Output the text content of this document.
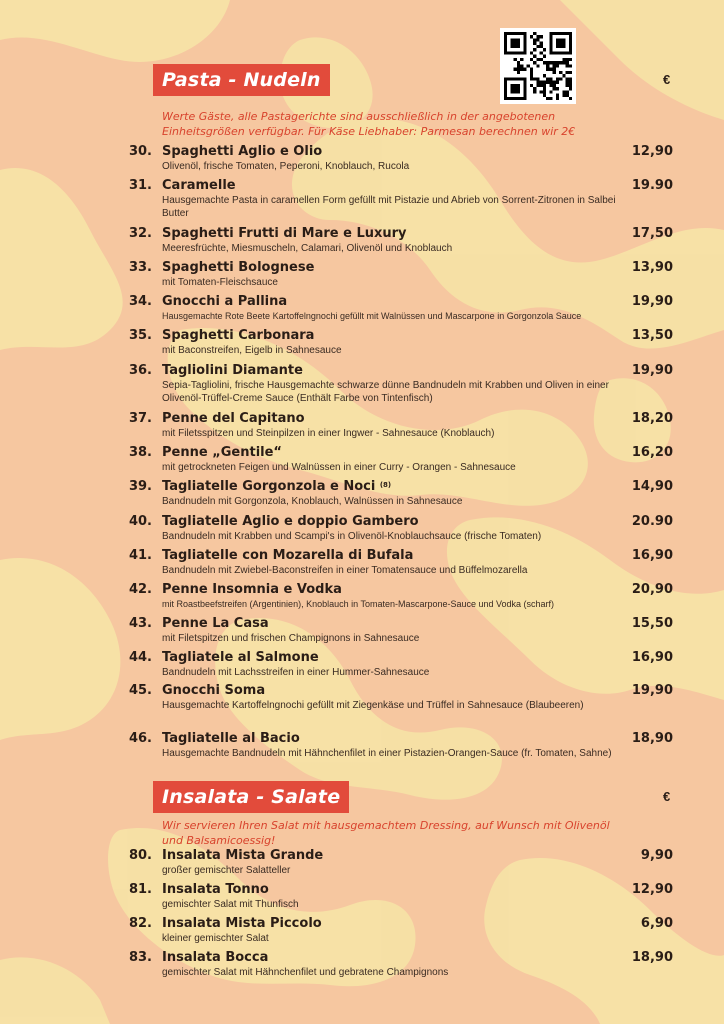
Pasta - Nudeln	€
Werte Gäste, alle Pastagerichte sind ausschließlich in der angebotenen Einheitsgrößen verfügbar. Für Käse Liebhaber: Parmesan berechnen wir 2€
30. Spaghetti Aglio e Olio
Olivenöl, frische Tomaten, Peperoni, Knoblauch, Rucola
12,90
31. Caramelle
Hausgemachte Pasta in caramellen Form gefüllt mit Pistazie und Abrieb von Sorrent-Zitronen in Salbei Butter
19.90
32. Spaghetti Frutti di Mare e Luxury
Meeresfrüchte, Miesmuscheln, Calamari, Olivenöl und Knoblauch
17,50
33. Spaghetti Bolognese
mit Tomaten-Fleischsauce
13,90
34. Gnocchi a Pallina
Hausgemachte Rote Beete Kartoffelngnochi gefüllt mit Walnüssen und Mascarpone in Gorgonzola Sauce
19,90
35. Spaghetti Carbonara
mit Baconstreifen, Eigelb in Sahnesauce
13,50
36. Tagliolini Diamante
Sepia-Tagliolini, frische Hausgemachte schwarze dünne Bandnudeln mit Krabben und Oliven in einer Olivenöl-Trüffel-Creme Sauce (Enthält Farbe von Tintenfisch)
19,90
37. Penne del Capitano
mit Filetsspitzen und Steinpilzen in einer Ingwer - Sahnesauce (Knoblauch)
18,20
38. Penne „Gentile“
mit getrockneten Feigen und Walnüssen in einer Curry - Orangen - Sahnesauce
16,20
39. Tagliatelle Gorgonzola e Noci $^{(8)}$
Bandnudeln mit Gorgonzola, Knoblauch, Walnüssen in Sahnesauce
14,90
40. Tagliatelle Aglio e doppio Gambero
Bandnudeln mit Krabben und Scampi's in Olivenöl-Knoblauchsauce (frische Tomaten)
20.90
41. Tagliatelle con Mozarella di Bufala
Bandnudeln mit Zwiebel-Baconstreifen in einer Tomatensauce und Büffelmozarella
16,90
42. Penne Insomnia e Vodka
mit Roastbeefstreifen (Argentinien), Knoblauch in Tomaten-Mascarpone-Sauce und Vodka (scharf)
20,90
43. Penne La Casa
mit Filetspitzen und frischen Champignons in Sahnesauce
15,50
44. Tagliatele al Salmone
Bandnudeln mit Lachsstreifen in einer Hummer-Sahnesauce
16,90
45. Gnocchi Soma
Hausgemachte Kartoffelngnochi gefüllt mit Ziegenkäse und Trüffel in Sahnesauce (Blaubeeren)
19,90
46. Tagliatelle al Bacio
Hausgemachte Bandnudeln mit Hähnchenfilet in einer Pistazien-Orangen-Sauce (fr. Tomaten, Sahne)
18,90
Insalata - Salate	€
Wir servieren Ihren Salat mit hausgemachtem Dressing, auf Wunsch mit Olivenöl und Balsamicoessig!
80. Insalata Mista Grande
großer gemischter Salatteller
9,90
81. Insalata Tonno
gemischter Salat mit Thunfisch
12,90
82. Insalata Mista Piccolo
kleiner gemischter Salat
6,90
83. Insalata Bocca
gemischter Salat mit Hähnchenfilet und gebratene Champignons
18,90
